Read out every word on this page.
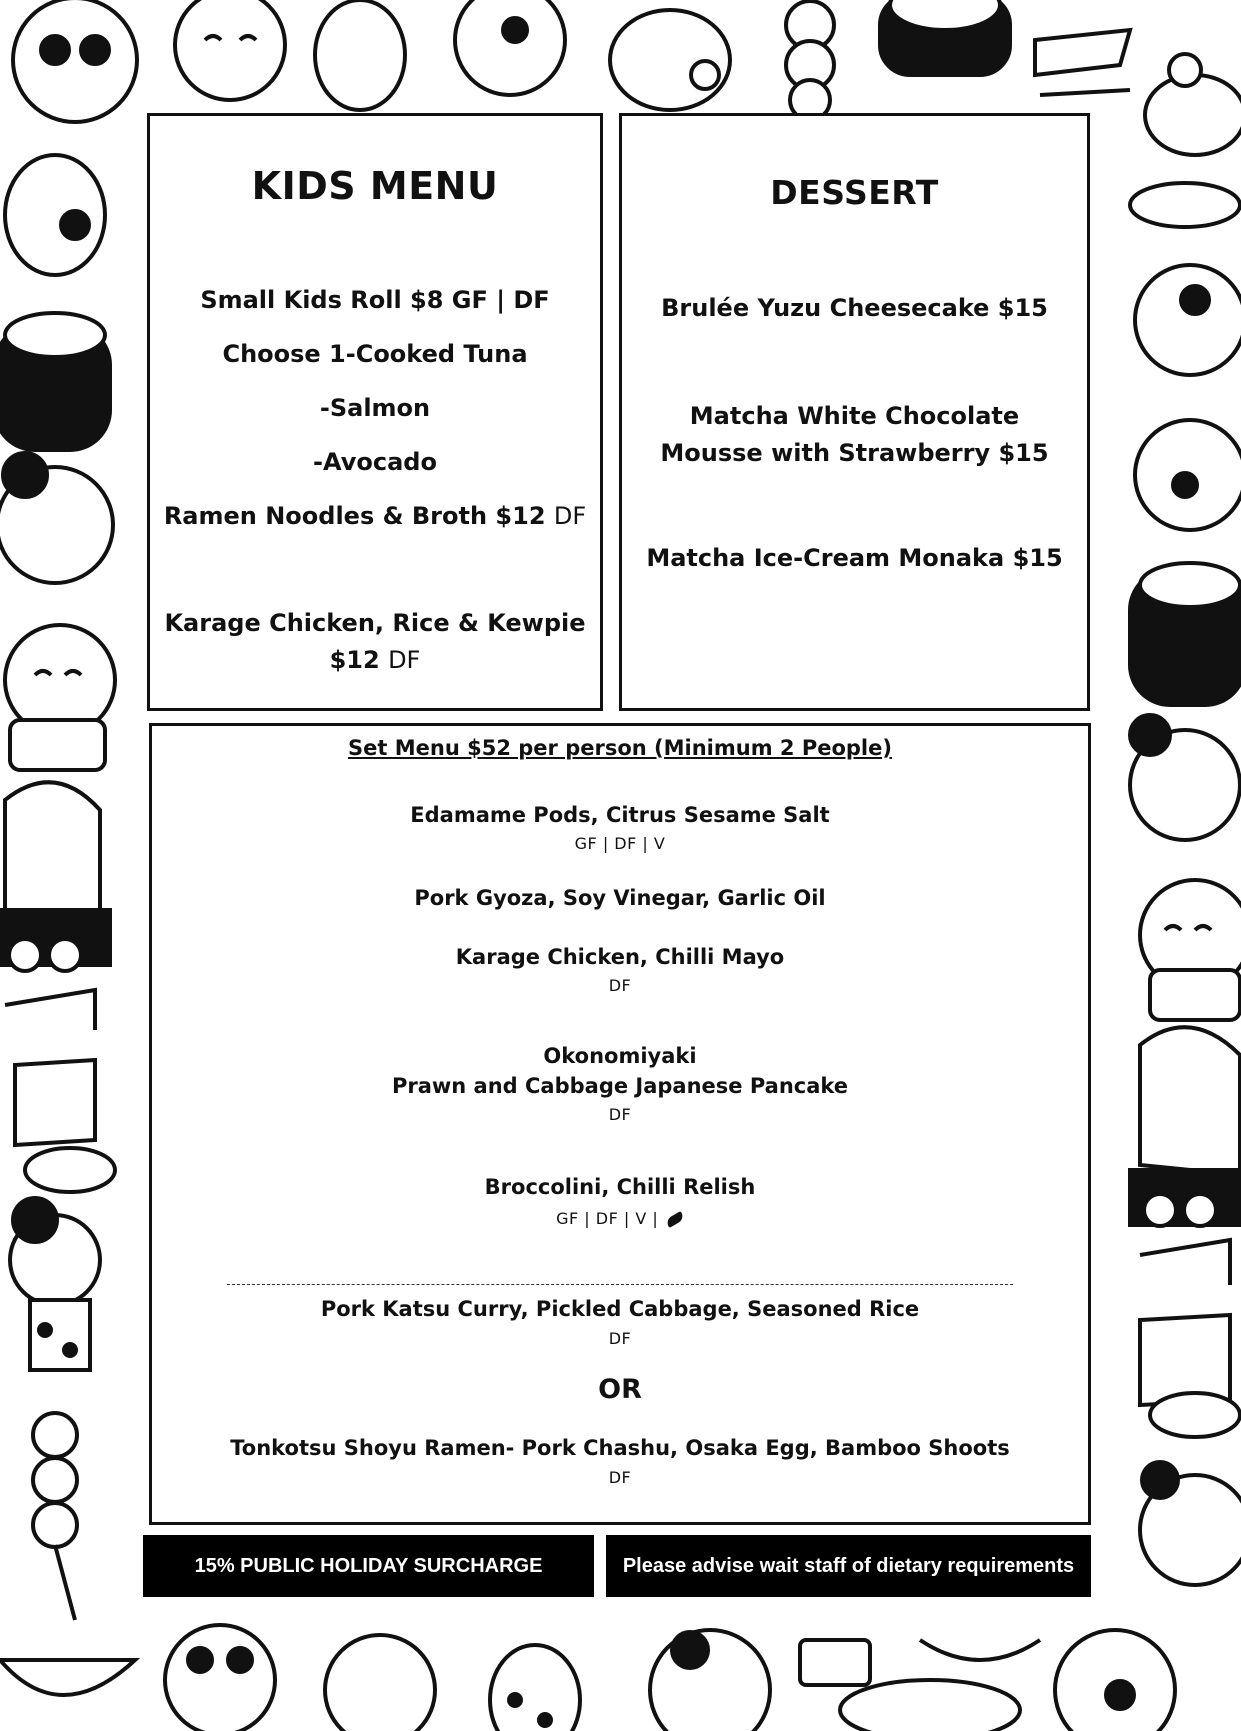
KIDS MENU
Small Kids Roll $8 GF | DF
Choose 1-Cooked Tuna
-Salmon
-Avocado
Ramen Noodles & Broth $12 DF
Karage Chicken, Rice & Kewpie
$12 DF
DESSERT
Brulée Yuzu Cheesecake $15
Matcha White Chocolate
Mousse with Strawberry $15
Matcha Ice-Cream Monaka $15
Set Menu $52 per person (Minimum 2 People)
Edamame Pods, Citrus Sesame Salt
GF | DF | V
Pork Gyoza, Soy Vinegar, Garlic Oil
Karage Chicken, Chilli Mayo
DF
Okonomiyaki
Prawn and Cabbage Japanese Pancake
DF
Broccolini, Chilli Relish
GF | DF | V |
Pork Katsu Curry, Pickled Cabbage, Seasoned Rice
DF
OR
Tonkotsu Shoyu Ramen- Pork Chashu, Osaka Egg, Bamboo Shoots
DF
15% PUBLIC HOLIDAY SURCHARGE	Please advise wait staff of dietary requirements
